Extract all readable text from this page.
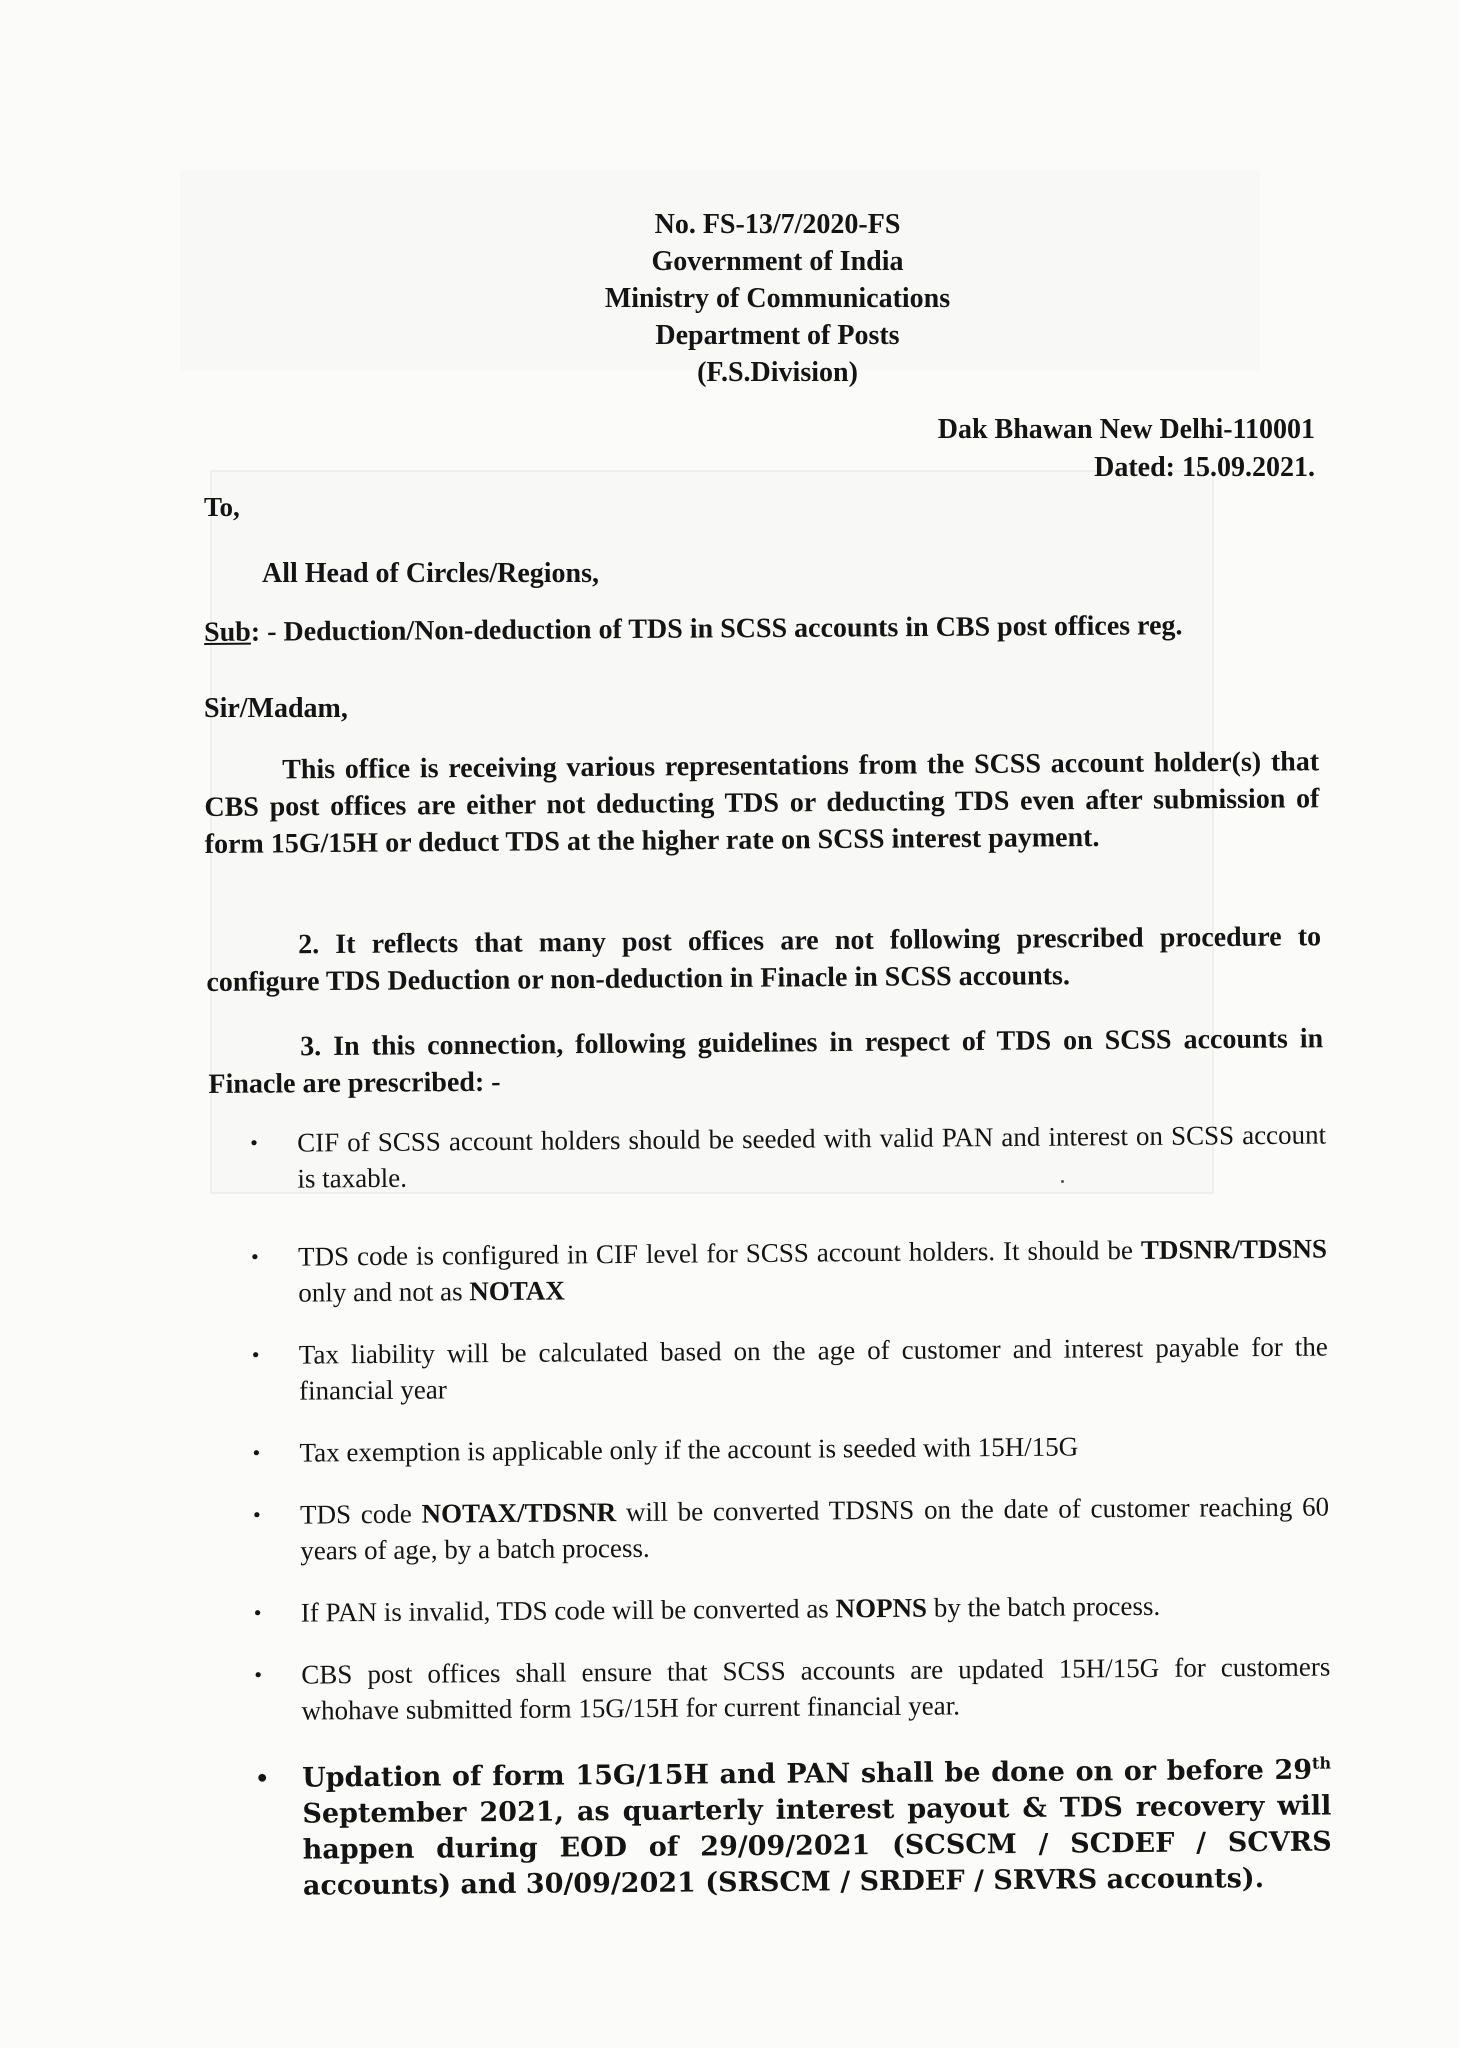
No. FS-13/7/2020-FS
Government of India
Ministry of Communications
Department of Posts
(F.S.Division)
Dak Bhawan New Delhi-110001
Dated: 15.09.2021.
To,
All Head of Circles/Regions,
Sub: - Deduction/Non-deduction of TDS in SCSS accounts in CBS post offices reg.
Sir/Madam,
This office is receiving various representations from the SCSS account holder(s) that CBS post offices are either not deducting TDS or deducting TDS even after submission of form 15G/15H or deduct TDS at the higher rate on SCSS interest payment.
2. It reflects that many post offices are not following prescribed procedure to configure TDS Deduction or non-deduction in Finacle in SCSS accounts.
3. In this connection, following guidelines in respect of TDS on SCSS accounts in Finacle are prescribed: -
• CIF of SCSS account holders should be seeded with valid PAN and interest on SCSS account is taxable.
• TDS code is configured in CIF level for SCSS account holders. It should be TDSNR/TDSNS only and not as NOTAX
• Tax liability will be calculated based on the age of customer and interest payable for the financial year
• Tax exemption is applicable only if the account is seeded with 15H/15G
• TDS code NOTAX/TDSNR will be converted TDSNS on the date of customer reaching 60 years of age, by a batch process.
• If PAN is invalid, TDS code will be converted as NOPNS by the batch process.
• CBS post offices shall ensure that SCSS accounts are updated 15H/15G for customers whohave submitted form 15G/15H for current financial year.
• Updation of form 15G/15H and PAN shall be done on or before 29th September 2021, as quarterly interest payout & TDS recovery will happen during EOD of 29/09/2021 (SCSCM / SCDEF / SCVRS accounts) and 30/09/2021 (SRSCM / SRDEF / SRVRS accounts).
